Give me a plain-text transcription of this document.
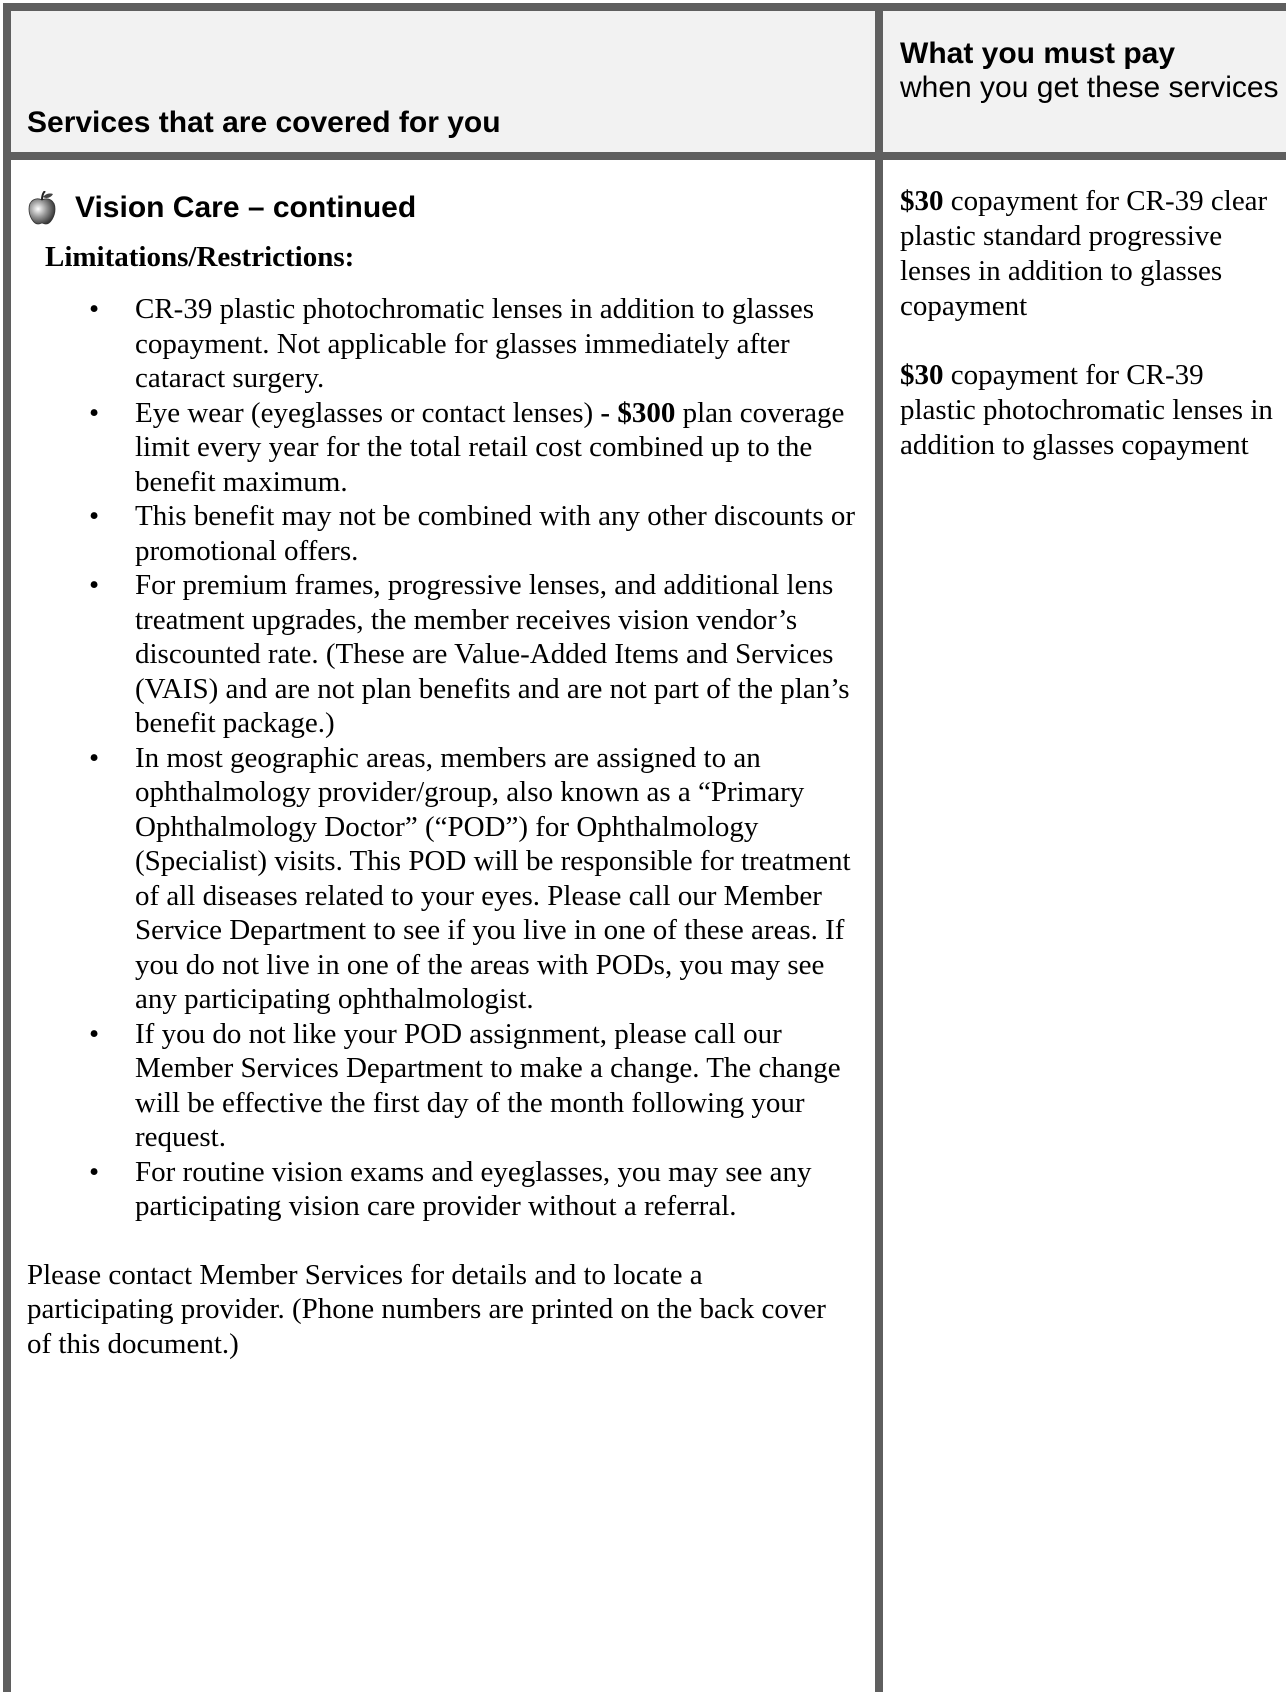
Services that are covered for you
What you must pay
when you get these services
Vision Care – continued
Limitations/Restrictions:
• CR-39 plastic photochromatic lenses in addition to glasses copayment. Not applicable for glasses immediately after cataract surgery.
• Eye wear (eyeglasses or contact lenses) - $300 plan coverage limit every year for the total retail cost combined up to the benefit maximum.
• This benefit may not be combined with any other discounts or promotional offers.
• For premium frames, progressive lenses, and additional lens treatment upgrades, the member receives vision vendor’s discounted rate. (These are Value-Added Items and Services (VAIS) and are not plan benefits and are not part of the plan’s benefit package.)
• In most geographic areas, members are assigned to an ophthalmology provider/group, also known as a “Primary Ophthalmology Doctor” (“POD”) for Ophthalmology (Specialist) visits. This POD will be responsible for treatment of all diseases related to your eyes. Please call our Member Service Department to see if you live in one of these areas. If you do not live in one of the areas with PODs, you may see any participating ophthalmologist.
• If you do not like your POD assignment, please call our Member Services Department to make a change. The change will be effective the first day of the month following your request.
• For routine vision exams and eyeglasses, you may see any participating vision care provider without a referral.
Please contact Member Services for details and to locate a participating provider. (Phone numbers are printed on the back cover of this document.)
$30 copayment for CR-39 clear plastic standard progressive lenses in addition to glasses copayment
$30 copayment for CR-39 plastic photochromatic lenses in addition to glasses copayment
